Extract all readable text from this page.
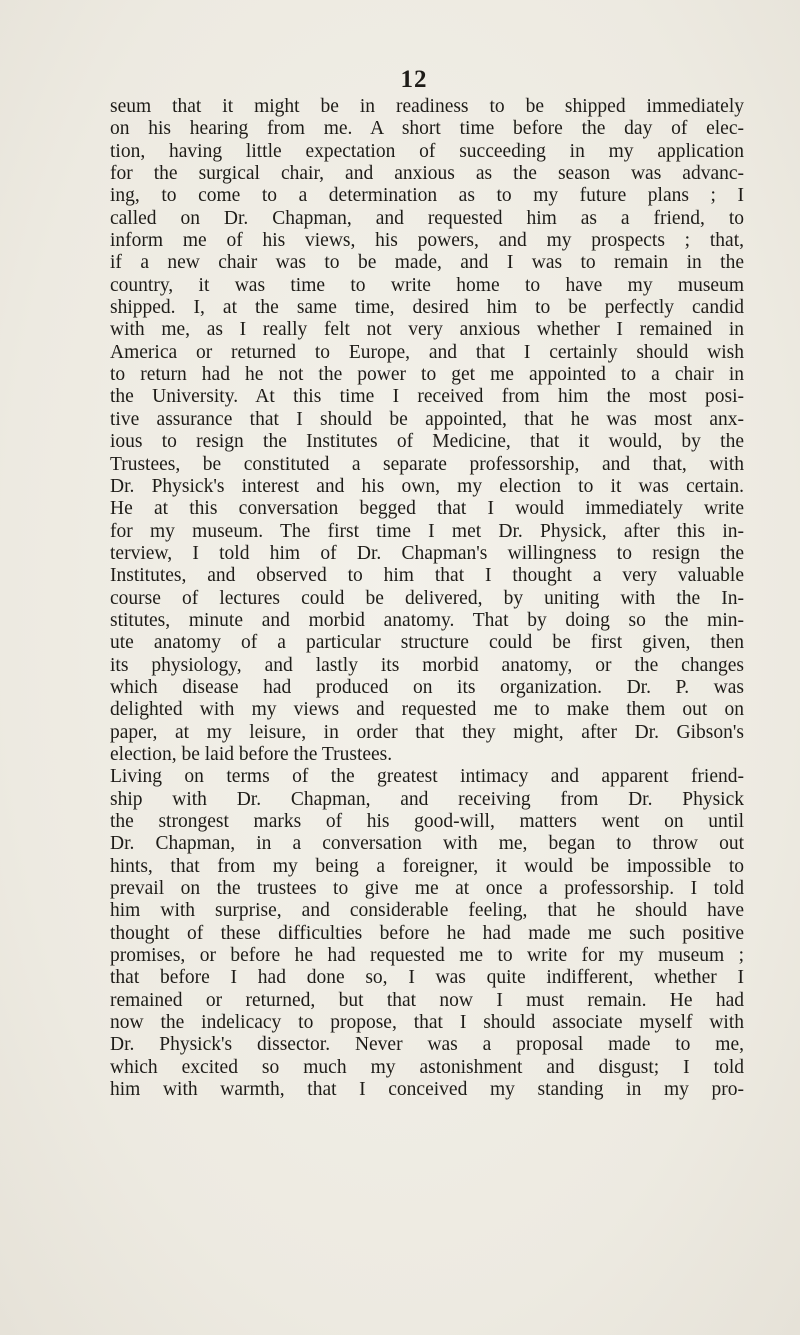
12
seum that it might be in readiness to be shipped immediately
on his hearing from me. A short time before the day of elec-
tion, having little expectation of succeeding in my application
for the surgical chair, and anxious as the season was advanc-
ing, to come to a determination as to my future plans ; I
called on Dr. Chapman, and requested him as a friend, to
inform me of his views, his powers, and my prospects ; that,
if a new chair was to be made, and I was to remain in the
country, it was time to write home to have my museum
shipped. I, at the same time, desired him to be perfectly candid
with me, as I really felt not very anxious whether I remained in
America or returned to Europe, and that I certainly should wish
to return had he not the power to get me appointed to a chair in
the University. At this time I received from him the most posi-
tive assurance that I should be appointed, that he was most anx-
ious to resign the Institutes of Medicine, that it would, by the
Trustees, be constituted a separate professorship, and that, with
Dr. Physick's interest and his own, my election to it was certain.
He at this conversation begged that I would immediately write
for my museum. The first time I met Dr. Physick, after this in-
terview, I told him of Dr. Chapman's willingness to resign the
Institutes, and observed to him that I thought a very valuable
course of lectures could be delivered, by uniting with the In-
stitutes, minute and morbid anatomy. That by doing so the min-
ute anatomy of a particular structure could be first given, then
its physiology, and lastly its morbid anatomy, or the changes
which disease had produced on its organization. Dr. P. was
delighted with my views and requested me to make them out on
paper, at my leisure, in order that they might, after Dr. Gibson's
election, be laid before the Trustees.
Living on terms of the greatest intimacy and apparent friend-
ship with Dr. Chapman, and receiving from Dr. Physick
the strongest marks of his good-will, matters went on until
Dr. Chapman, in a conversation with me, began to throw out
hints, that from my being a foreigner, it would be impossible to
prevail on the trustees to give me at once a professorship. I told
him with surprise, and considerable feeling, that he should have
thought of these difficulties before he had made me such positive
promises, or before he had requested me to write for my museum ;
that before I had done so, I was quite indifferent, whether I
remained or returned, but that now I must remain. He had
now the indelicacy to propose, that I should associate myself with
Dr. Physick's dissector. Never was a proposal made to me,
which excited so much my astonishment and disgust; I told
him with warmth, that I conceived my standing in my pro-
